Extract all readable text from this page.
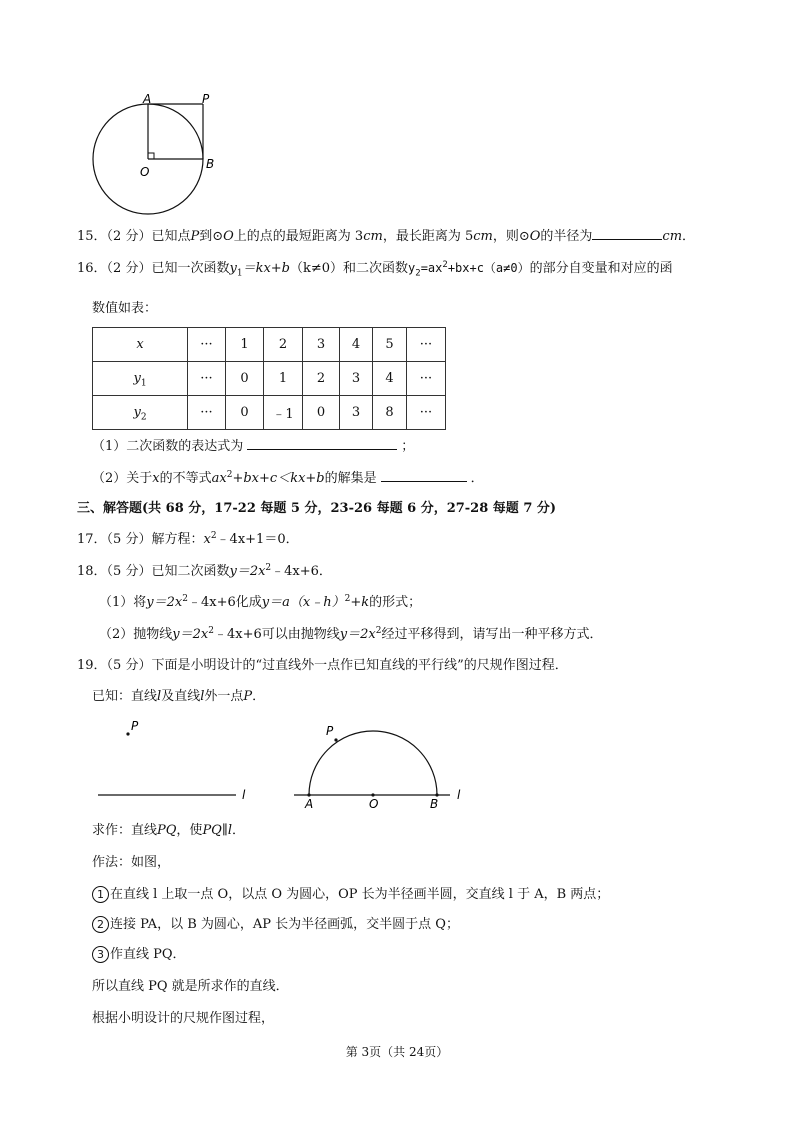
A	P
O
B
15．（2 分）已知点P到⊙O上的点的最短距离为 3cm，最长距离为 5cm，则⊙O的半径为	cm．
16．（2 分）已知一次函数$y_1=kx+b(k\ne 0)$和二次函数$y_2=ax^2+bx+c(a\ne 0)$的部分自变量和对应的函
数值如表：
x	···	1	2	3	4	5	···
$y_1$	···	0	1	2	3	4	···
$y_2$	···	0	﹣1	0	3	8	···
（1）二次函数的表达式为	；
（2）关于x的不等式$ax^2+bx+c<kx+b$的解集是	．
三、解答题(共 68 分，17-22 每题 5 分，23-26 每题 6 分，27-28 每题 7 分)
17．（5 分）解方程：$x^2﹣4x+1=0$．
18．（5 分）已知二次函数$y=2x^2﹣4x+6$．
（1）将$y=2x^2﹣4x+6$化成y＝a（x﹣h）$^2$+k的形式；
（2）抛物线$y=2x^2﹣4x+6$可以由抛物线$y=2x^2$经过平移得到，请写出一种平移方式．
19．（5 分）下面是小明设计的“过直线外一点作已知直线的平行线”的尺规作图过程．
已知：直线l及直线l外一点P．
P
l
P
A	O	B
l
求作：直线PQ，使PQ∥l．
作法：如图，
1 在直线 l 上取一点 O，以点 O 为圆心，OP 长为半径画半圆，交直线 l 于 A，B 两点；
2 连接 PA，以 B 为圆心，AP 长为半径画弧，交半圆于点 Q；
3 作直线 PQ．
所以直线 PQ 就是所求作的直线．
根据小明设计的尺规作图过程，
第 3页（共 24页）
